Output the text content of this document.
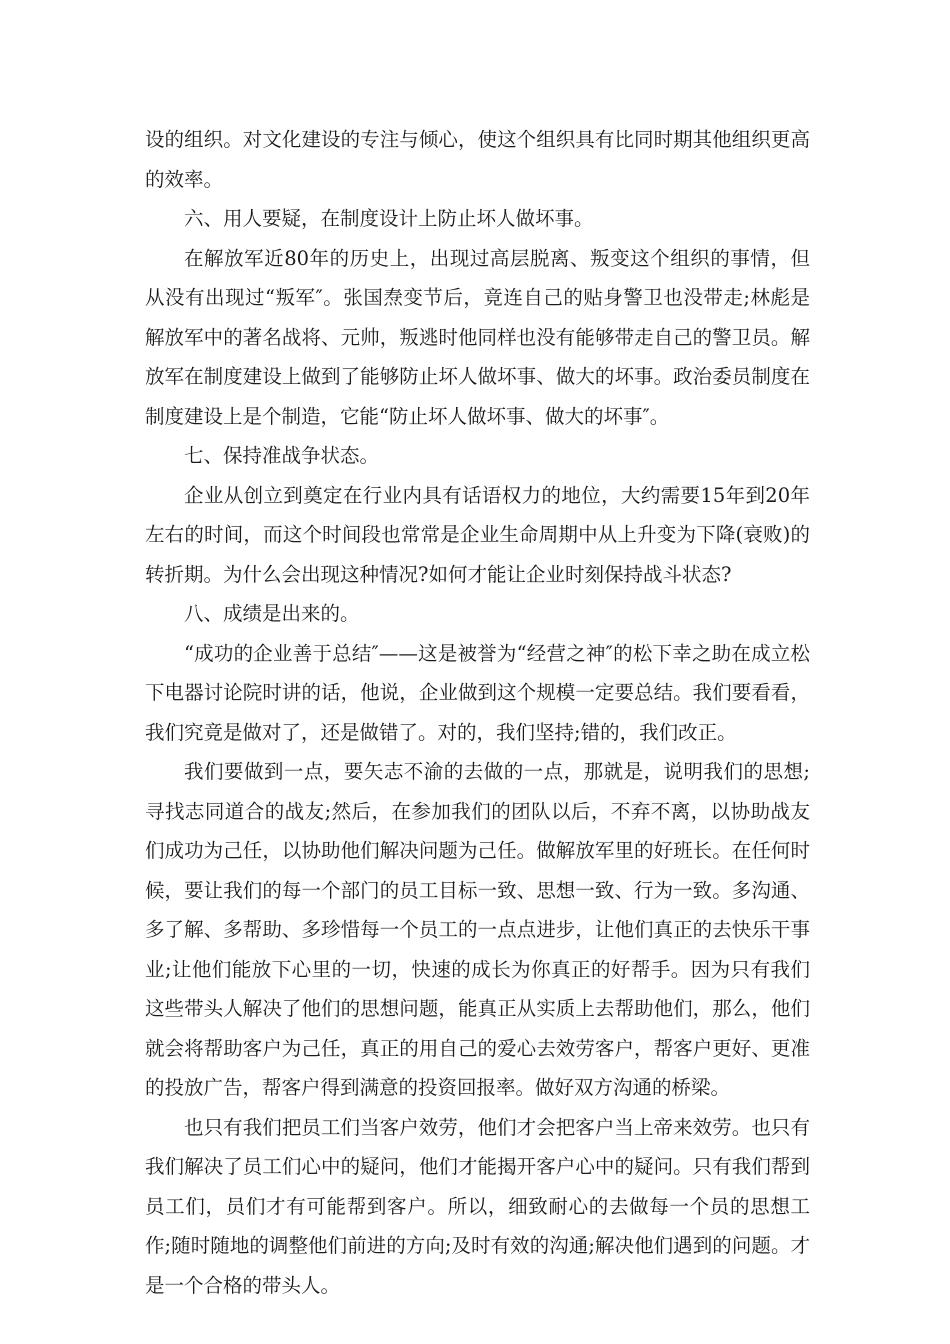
设的组织。对文化建设的专注与倾心，使这个组织具有比同时期其他组织更高的效率。

六、用人要疑，在制度设计上防止坏人做坏事。

在解放军近80年的历史上，出现过高层脱离、叛变这个组织的事情，但从没有出现过“叛军″。张国焘变节后，竟连自己的贴身警卫也没带走;林彪是解放军中的著名战将、元帅，叛逃时他同样也没有能够带走自己的警卫员。解放军在制度建设上做到了能够防止坏人做坏事、做大的坏事。政治委员制度在制度建设上是个制造，它能“防止坏人做坏事、做大的坏事″。

七、保持准战争状态。

企业从创立到奠定在行业内具有话语权力的地位，大约需要15年到20年左右的时间，而这个时间段也常常是企业生命周期中从上升变为下降(衰败)的转折期。为什么会出现这种情况?如何才能让企业时刻保持战斗状态?

八、成绩是出来的。

“成功的企业善于总结″——这是被誉为“经营之神″的松下幸之助在成立松下电器讨论院时讲的话，他说，企业做到这个规模一定要总结。我们要看看，我们究竟是做对了，还是做错了。对的，我们坚持;错的，我们改正。

我们要做到一点，要矢志不渝的去做的一点，那就是，说明我们的思想;寻找志同道合的战友;然后，在参加我们的团队以后，不弃不离，以协助战友们成功为己任，以协助他们解决问题为己任。做解放军里的好班长。在任何时候，要让我们的每一个部门的员工目标一致、思想一致、行为一致。多沟通、多了解、多帮助、多珍惜每一个员工的一点点进步，让他们真正的去快乐干事业;让他们能放下心里的一切，快速的成长为你真正的好帮手。因为只有我们这些带头人解决了他们的思想问题，能真正从实质上去帮助他们，那么，他们就会将帮助客户为己任，真正的用自己的爱心去效劳客户，帮客户更好、更准的投放广告，帮客户得到满意的投资回报率。做好双方沟通的桥梁。

也只有我们把员工们当客户效劳，他们才会把客户当上帝来效劳。也只有我们解决了员工们心中的疑问，他们才能揭开客户心中的疑问。只有我们帮到员工们，员们才有可能帮到客户。所以，细致耐心的去做每一个员的思想工作;随时随地的调整他们前进的方向;及时有效的沟通;解决他们遇到的问题。才是一个合格的带头人。
